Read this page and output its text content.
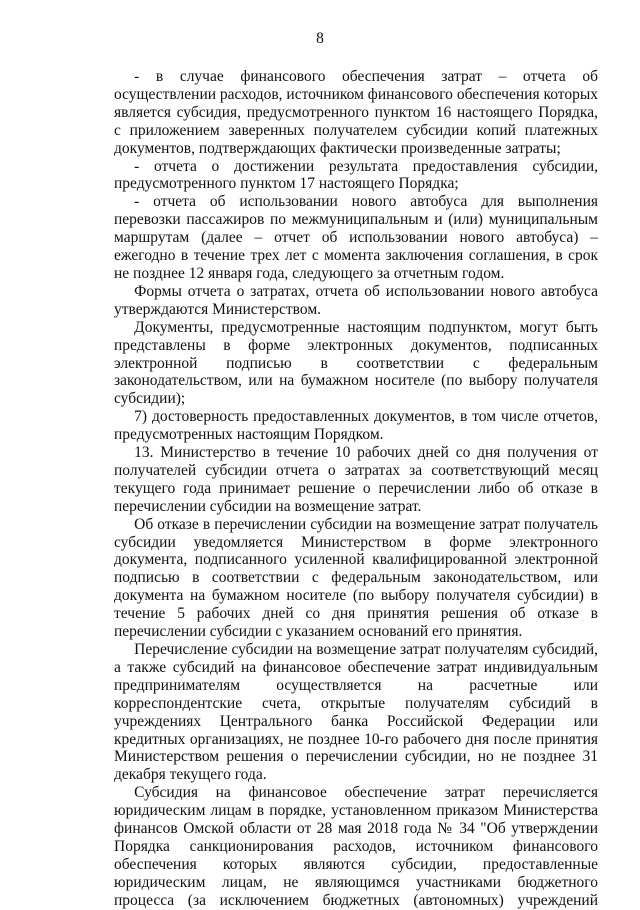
8

- в случае финансового обеспечения затрат – отчета об осуществлении расходов, источником финансового обеспечения которых является субсидия, предусмотренного пунктом 16 настоящего Порядка, с приложением заверенных получателем субсидии копий платежных документов, подтверждающих фактически произведенные затраты;

- отчета о достижении результата предоставления субсидии, предусмотренного пунктом 17 настоящего Порядка;

- отчета об использовании нового автобуса для выполнения перевозки пассажиров по межмуниципальным и (или) муниципальным маршрутам (далее – отчет об использовании нового автобуса) – ежегодно в течение трех лет с момента заключения соглашения, в срок не позднее 12 января года, следующего за отчетным годом.

Формы отчета о затратах, отчета об использовании нового автобуса утверждаются Министерством.

Документы, предусмотренные настоящим подпунктом, могут быть представлены в форме электронных документов, подписанных электронной подписью в соответствии с федеральным законодательством, или на бумажном носителе (по выбору получателя субсидии);

7) достоверность предоставленных документов, в том числе отчетов, предусмотренных настоящим Порядком.

13. Министерство в течение 10 рабочих дней со дня получения от получателей субсидии отчета о затратах за соответствующий месяц текущего года принимает решение о перечислении либо об отказе в перечислении субсидии на возмещение затрат.

Об отказе в перечислении субсидии на возмещение затрат получатель субсидии уведомляется Министерством в форме электронного документа, подписанного усиленной квалифицированной электронной подписью в соответствии с федеральным законодательством, или документа на бумажном носителе (по выбору получателя субсидии) в течение 5 рабочих дней со дня принятия решения об отказе в перечислении субсидии с указанием оснований его принятия.

Перечисление субсидии на возмещение затрат получателям субсидий, а также субсидий на финансовое обеспечение затрат индивидуальным предпринимателям осуществляется на расчетные или корреспондентские счета, открытые получателям субсидий в учреждениях Центрального банка Российской Федерации или кредитных организациях, не позднее 10-го рабочего дня после принятия Министерством решения о перечислении субсидии, но не позднее 31 декабря текущего года.

Субсидия на финансовое обеспечение затрат перечисляется юридическим лицам в порядке, установленном приказом Министерства финансов Омской области от 28 мая 2018 года № 34 "Об утверждении Порядка санкционирования расходов, источником финансового обеспечения которых являются субсидии, предоставленные юридическим лицам, не являющимся участниками бюджетного процесса (за исключением бюджетных (автономных) учреждений
